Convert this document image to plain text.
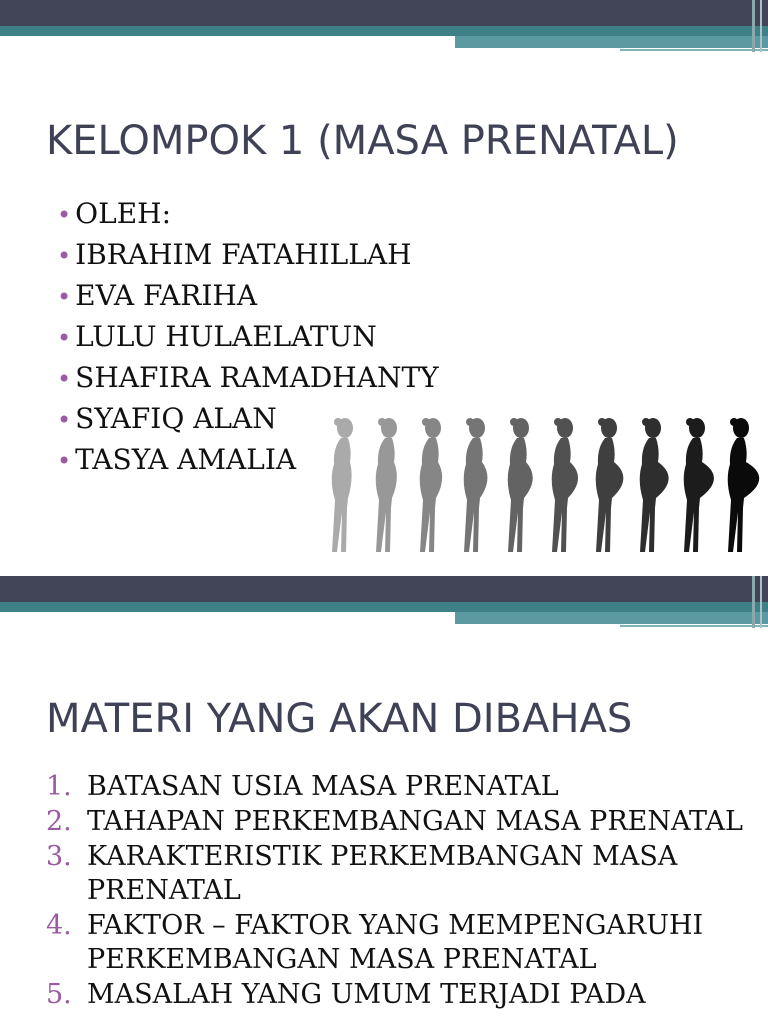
KELOMPOK 1 (MASA PRENATAL)
• OLEH:
• IBRAHIM FATAHILLAH
• EVA FARIHA
• LULU HULAELATUN
• SHAFIRA RAMADHANTY
• SYAFIQ ALAN
• TASYA AMALIA
MATERI YANG AKAN DIBAHAS
1. BATASAN USIA MASA PRENATAL
2. TAHAPAN PERKEMBANGAN MASA PRENATAL
3. KARAKTERISTIK PERKEMBANGAN MASA PRENATAL
4. FAKTOR – FAKTOR YANG MEMPENGARUHI PERKEMBANGAN MASA PRENATAL
5. MASALAH YANG UMUM TERJADI PADA
